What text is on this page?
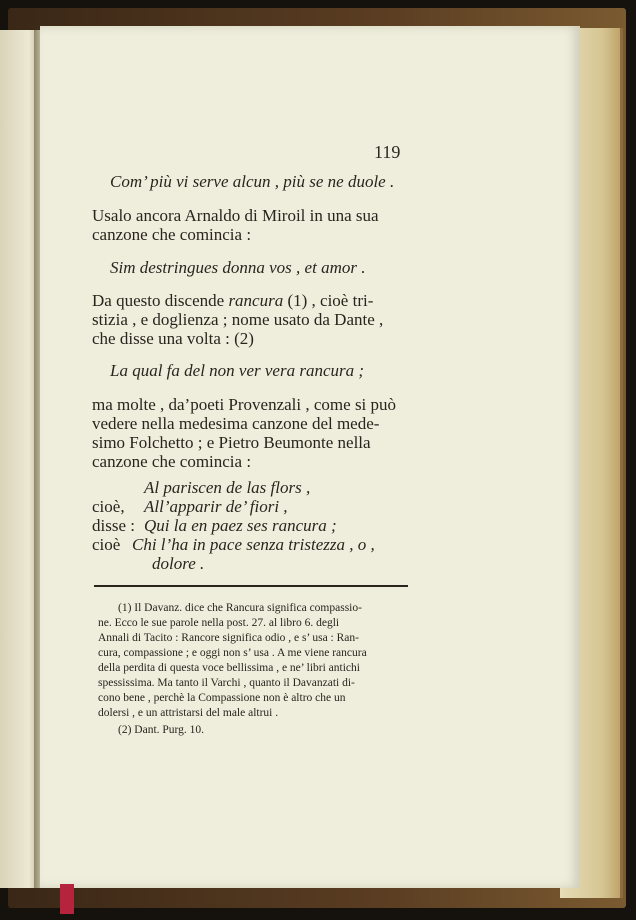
119
Com’ più vi serve alcun , più se ne duole .
Usalo ancora Arnaldo di Miroil in una sua
canzone che comincia :
Sim destringues donna vos , et amor .
Da questo discende rancura (1) , cioè tri-
stizia , e doglienza ; nome usato da Dante ,
che disse una volta : (2)
La qual fa del non ver vera rancura ;
ma molte , da’poeti Provenzali , come si può
vedere nella medesima canzone del mede-
simo Folchetto ; e Pietro Beumonte nella
canzone che comincia :
Al pariscen de las flors ,
cioè, All’apparir de’ fiori ,
disse : Qui la en paez ses rancura ;
cioè Chi l’ha in pace senza tristezza , o ,
dolore .
(1) Il Davanz. dice che Rancura significa compassio-
ne. Ecco le sue parole nella post. 27. al libro 6. degli
Annali di Tacito : Rancore significa odio , e s’ usa : Ran-
cura, compassione ; e oggi non s’ usa . A me viene rancura
della perdita di questa voce bellissima , e ne’ libri antichi
spessissima. Ma tanto il Varchi , quanto il Davanzati di-
cono bene , perchè la Compassione non è altro che un
dolersi , e un attristarsi del male altrui .
(2) Dant. Purg. 10.
